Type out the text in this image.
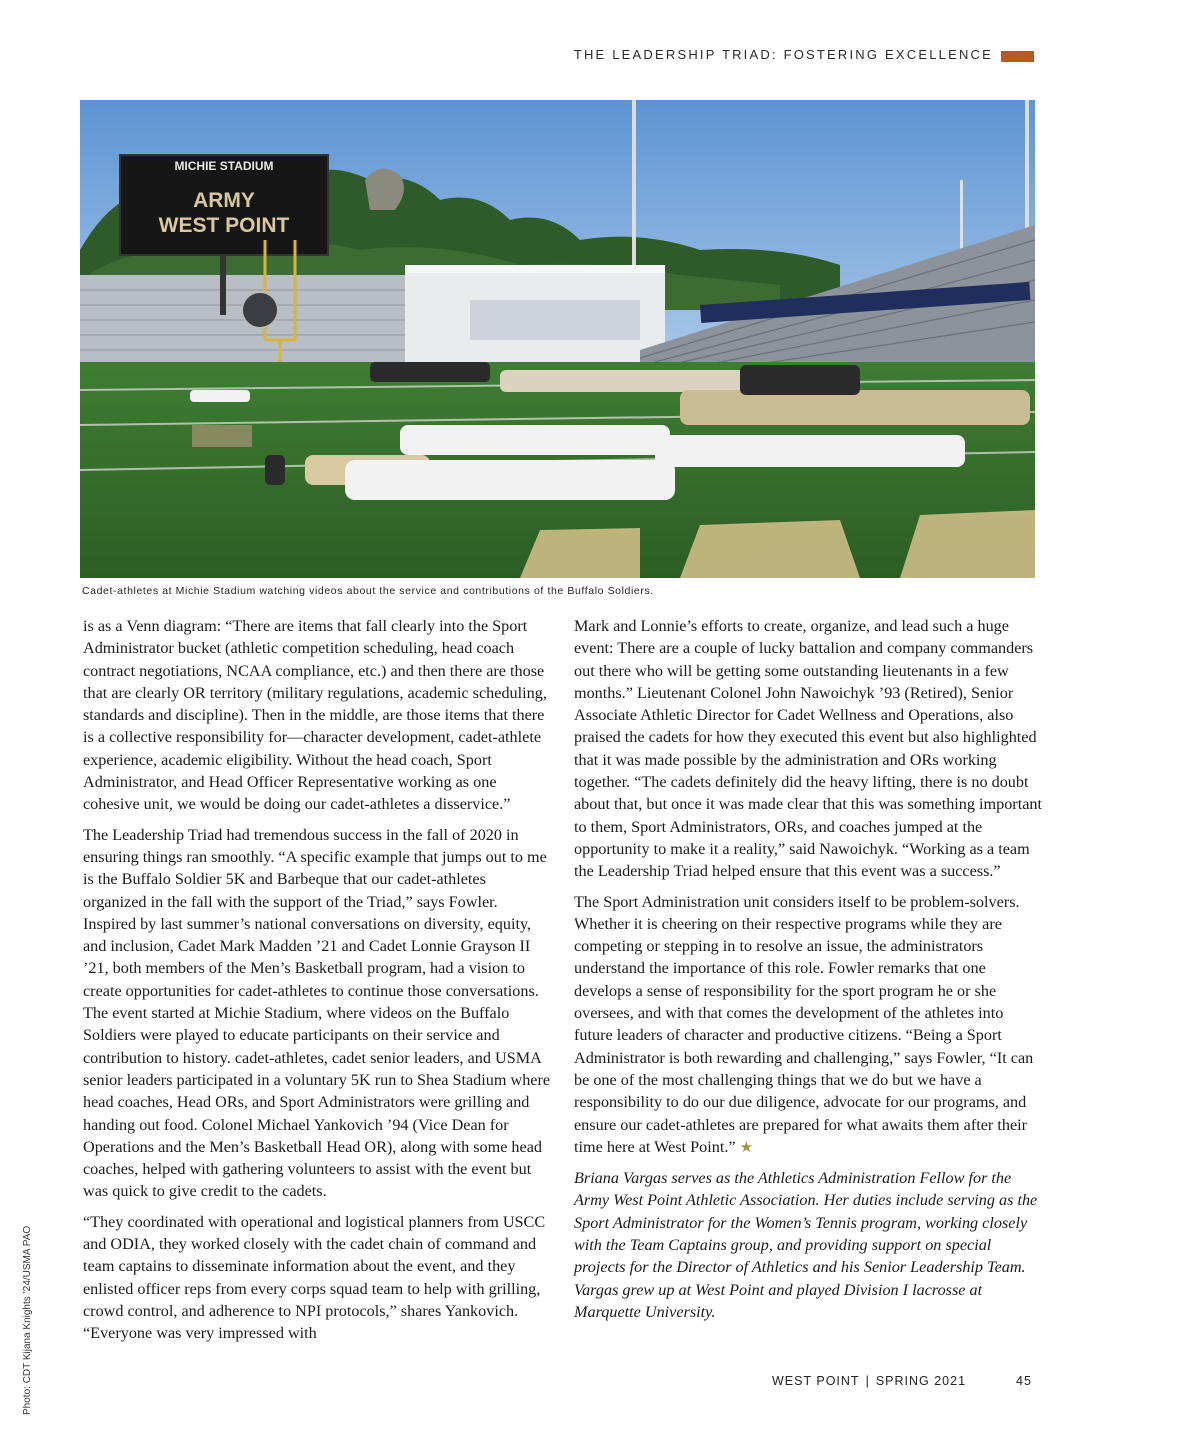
THE LEADERSHIP TRIAD: FOSTERING EXCELLENCE
MICHIE STADIUM
ARMY
WEST POINT
Cadet-athletes at Michie Stadium watching videos about the service and contributions of the Buffalo Soldiers.

is as a Venn diagram: “There are items that fall clearly into the Sport Administrator bucket (athletic competition scheduling, head coach contract negotiations, NCAA compliance, etc.) and then there are those that are clearly OR territory (military regulations, academic scheduling, standards and discipline). Then in the middle, are those items that there is a collective responsibility for—character development, cadet-athlete experience, academic eligibility. Without the head coach, Sport Administrator, and Head Officer Representative working as one cohesive unit, we would be doing our cadet-athletes a disservice.”

The Leadership Triad had tremendous success in the fall of 2020 in ensuring things ran smoothly. “A specific example that jumps out to me is the Buffalo Soldier 5K and Barbeque that our cadet-athletes organized in the fall with the support of the Triad,” says Fowler. Inspired by last summer’s national conversations on diversity, equity, and inclusion, Cadet Mark Madden ’21 and Cadet Lonnie Grayson II ’21, both members of the Men’s Basketball program, had a vision to create opportunities for cadet-athletes to continue those conversations. The event started at Michie Stadium, where videos on the Buffalo Soldiers were played to educate participants on their service and contribution to history. cadet-athletes, cadet senior leaders, and USMA senior leaders participated in a voluntary 5K run to Shea Stadium where head coaches, Head ORs, and Sport Administrators were grilling and handing out food. Colonel Michael Yankovich ’94 (Vice Dean for Operations and the Men’s Basketball Head OR), along with some head coaches, helped with gathering volunteers to assist with the event but was quick to give credit to the cadets.

“They coordinated with operational and logistical planners from USCC and ODIA, they worked closely with the cadet chain of command and team captains to disseminate information about the event, and they enlisted officer reps from every corps squad team to help with grilling, crowd control, and adherence to NPI protocols,” shares Yankovich. “Everyone was very impressed with

Mark and Lonnie’s efforts to create, organize, and lead such a huge event: There are a couple of lucky battalion and company commanders out there who will be getting some outstanding lieutenants in a few months.” Lieutenant Colonel John Nawoichyk ’93 (Retired), Senior Associate Athletic Director for Cadet Wellness and Operations, also praised the cadets for how they executed this event but also highlighted that it was made possible by the administration and ORs working together. “The cadets definitely did the heavy lifting, there is no doubt about that, but once it was made clear that this was something important to them, Sport Administrators, ORs, and coaches jumped at the opportunity to make it a reality,” said Nawoichyk. “Working as a team the Leadership Triad helped ensure that this event was a success.”

The Sport Administration unit considers itself to be problem-solvers. Whether it is cheering on their respective programs while they are competing or stepping in to resolve an issue, the administrators understand the importance of this role. Fowler remarks that one develops a sense of responsibility for the sport program he or she oversees, and with that comes the development of the athletes into future leaders of character and productive citizens. “Being a Sport Administrator is both rewarding and challenging,” says Fowler, “It can be one of the most challenging things that we do but we have a responsibility to do our due diligence, advocate for our programs, and ensure our cadet-athletes are prepared for what awaits them after their time here at West Point.” ★

Briana Vargas serves as the Athletics Administration Fellow for the Army West Point Athletic Association. Her duties include serving as the Sport Administrator for the Women’s Tennis program, working closely with the Team Captains group, and providing support on special projects for the Director of Athletics and his Senior Leadership Team. Vargas grew up at West Point and played Division I lacrosse at Marquette University.

Photo: CDT Kijana Knights ’24/USMA PAO	WEST POINT | SPRING 2021	45
